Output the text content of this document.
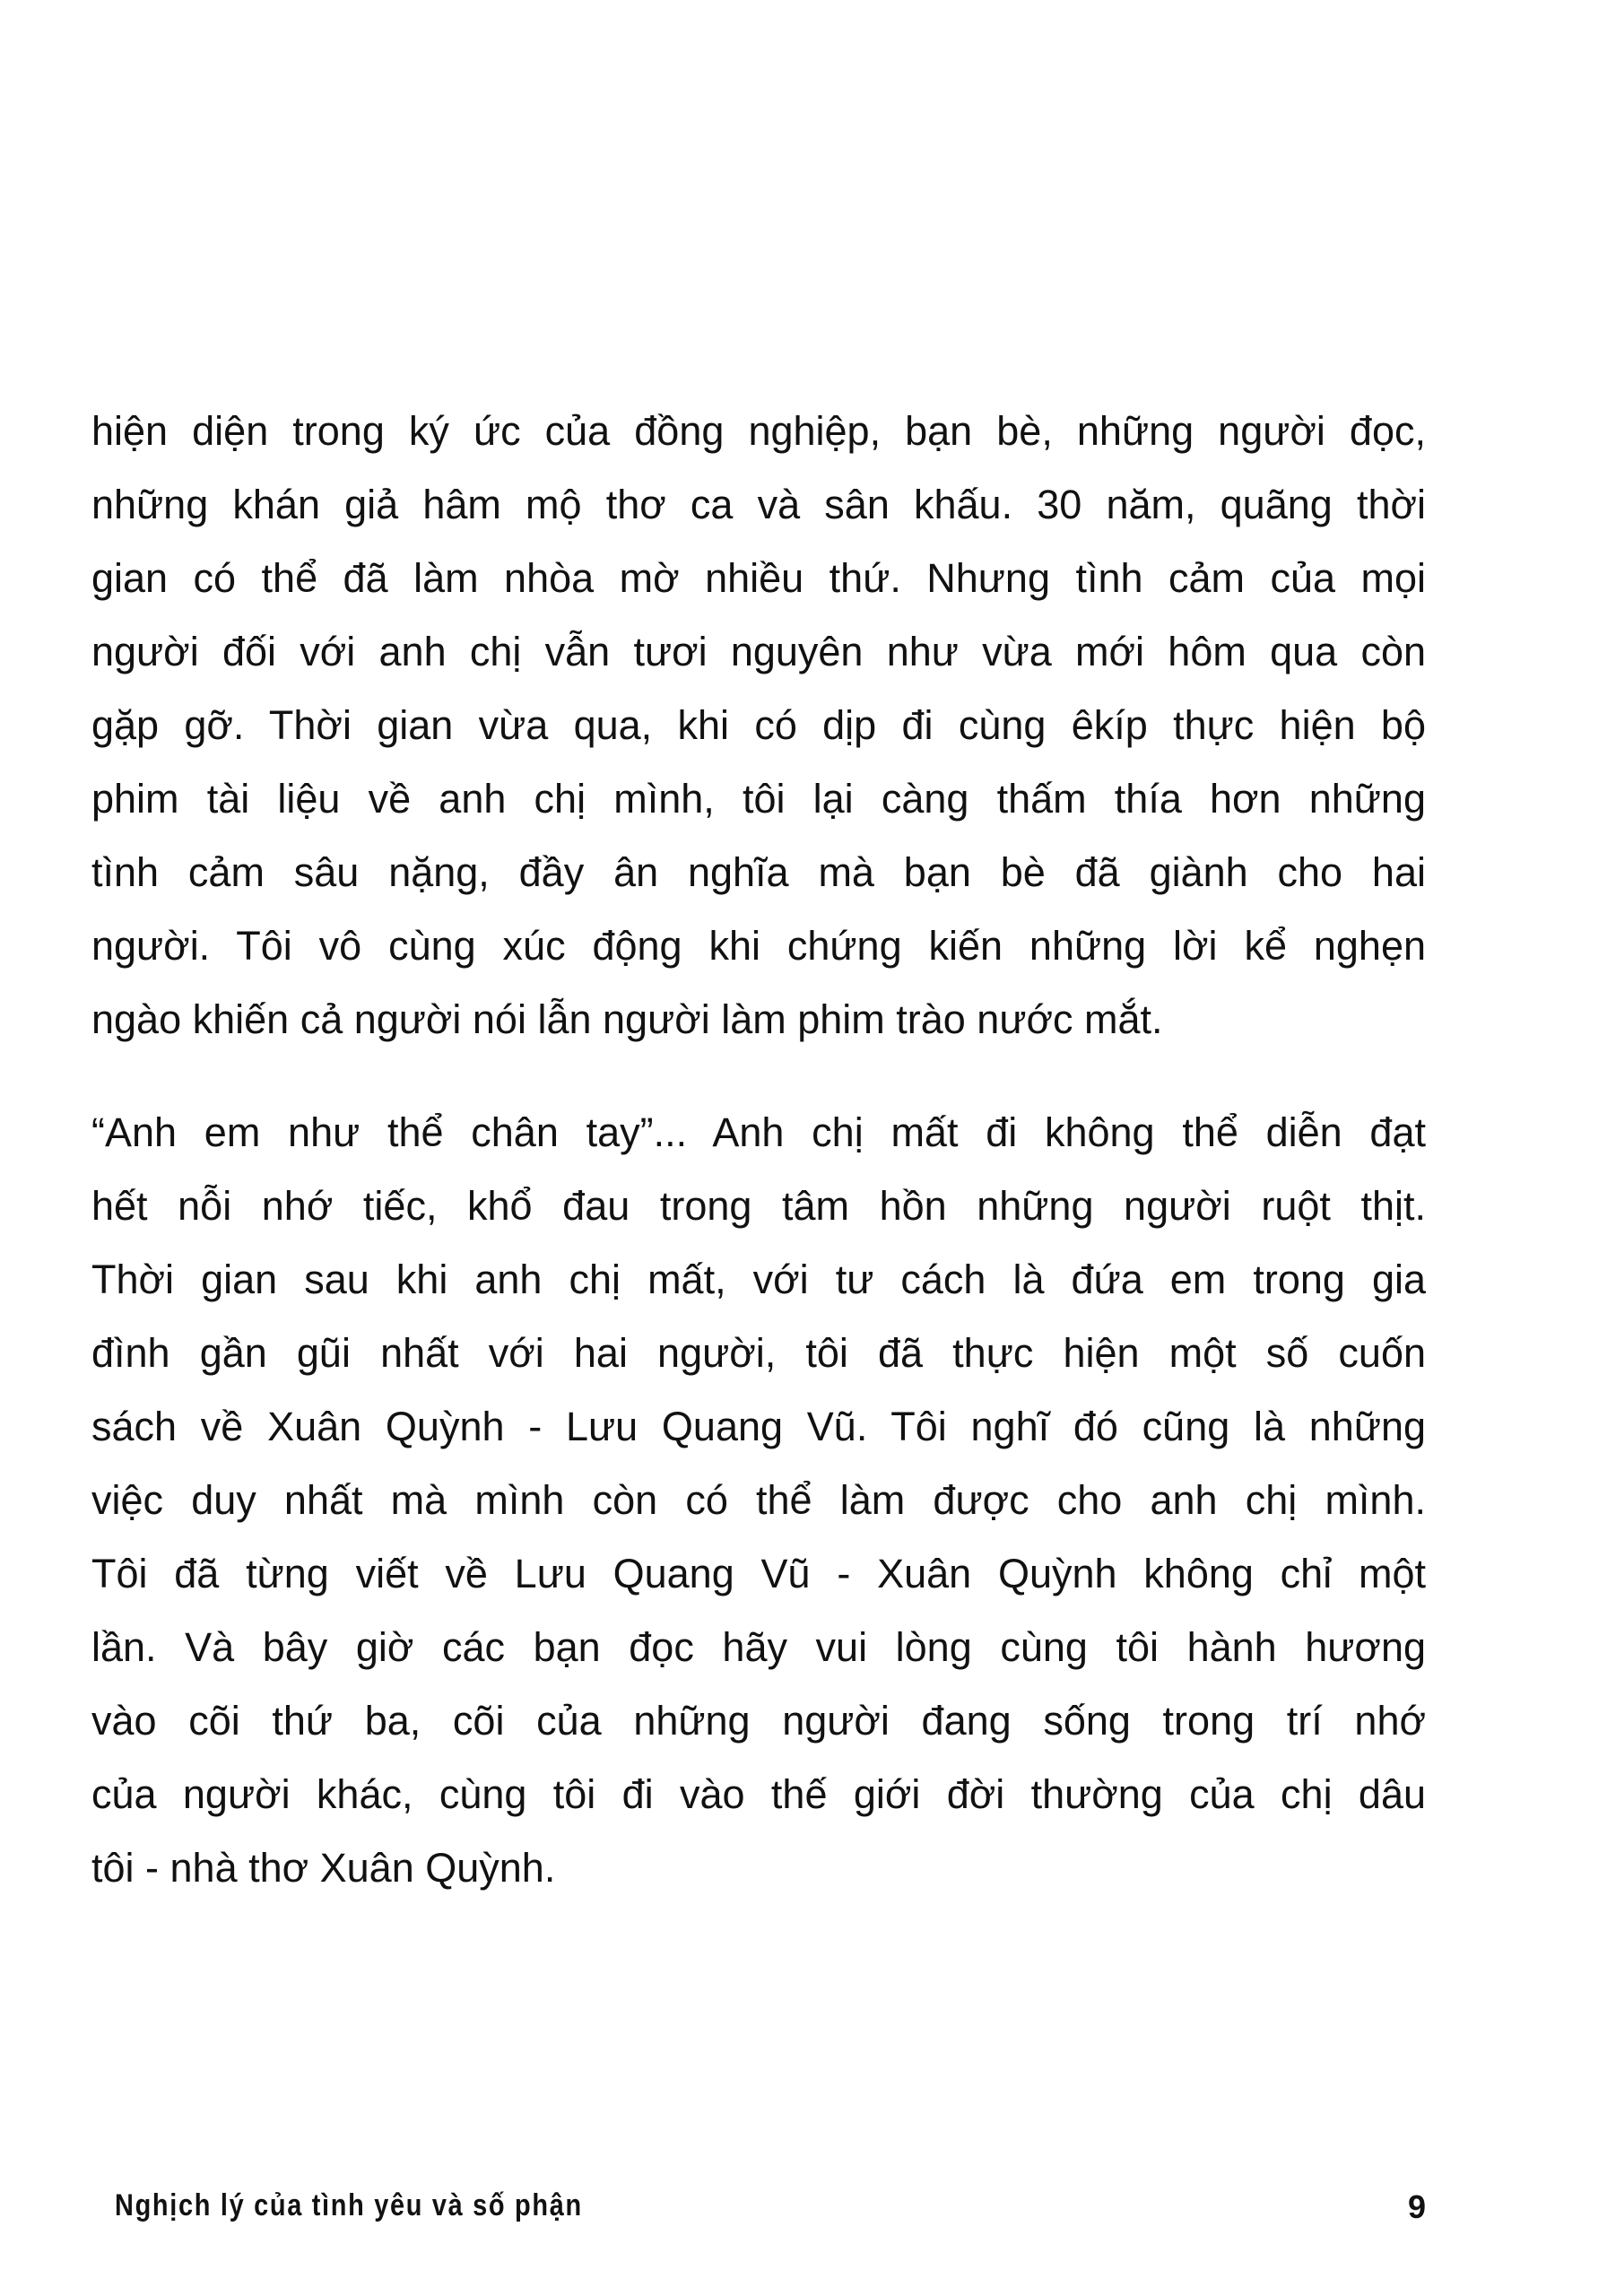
hiện diện trong ký ức của đồng nghiệp, bạn bè, những người đọc,
những khán giả hâm mộ thơ ca và sân khấu. 30 năm, quãng thời
gian có thể đã làm nhòa mờ nhiều thứ. Nhưng tình cảm của mọi
người đối với anh chị vẫn tươi nguyên như vừa mới hôm qua còn
gặp gỡ. Thời gian vừa qua, khi có dịp đi cùng êkíp thực hiện bộ
phim tài liệu về anh chị mình, tôi lại càng thấm thía hơn những
tình cảm sâu nặng, đầy ân nghĩa mà bạn bè đã giành cho hai
người. Tôi vô cùng xúc động khi chứng kiến những lời kể nghẹn
ngào khiến cả người nói lẫn người làm phim trào nước mắt.
“Anh em như thể chân tay”... Anh chị mất đi không thể diễn đạt
hết nỗi nhớ tiếc, khổ đau trong tâm hồn những người ruột thịt.
Thời gian sau khi anh chị mất, với tư cách là đứa em trong gia
đình gần gũi nhất với hai người, tôi đã thực hiện một số cuốn
sách về Xuân Quỳnh - Lưu Quang Vũ. Tôi nghĩ đó cũng là những
việc duy nhất mà mình còn có thể làm được cho anh chị mình.
Tôi đã từng viết về Lưu Quang Vũ - Xuân Quỳnh không chỉ một
lần. Và bây giờ các bạn đọc hãy vui lòng cùng tôi hành hương
vào cõi thứ ba, cõi của những người đang sống trong trí nhớ
của người khác, cùng tôi đi vào thế giới đời thường của chị dâu
tôi - nhà thơ Xuân Quỳnh.
Nghịch lý của tình yêu và số phận	9
